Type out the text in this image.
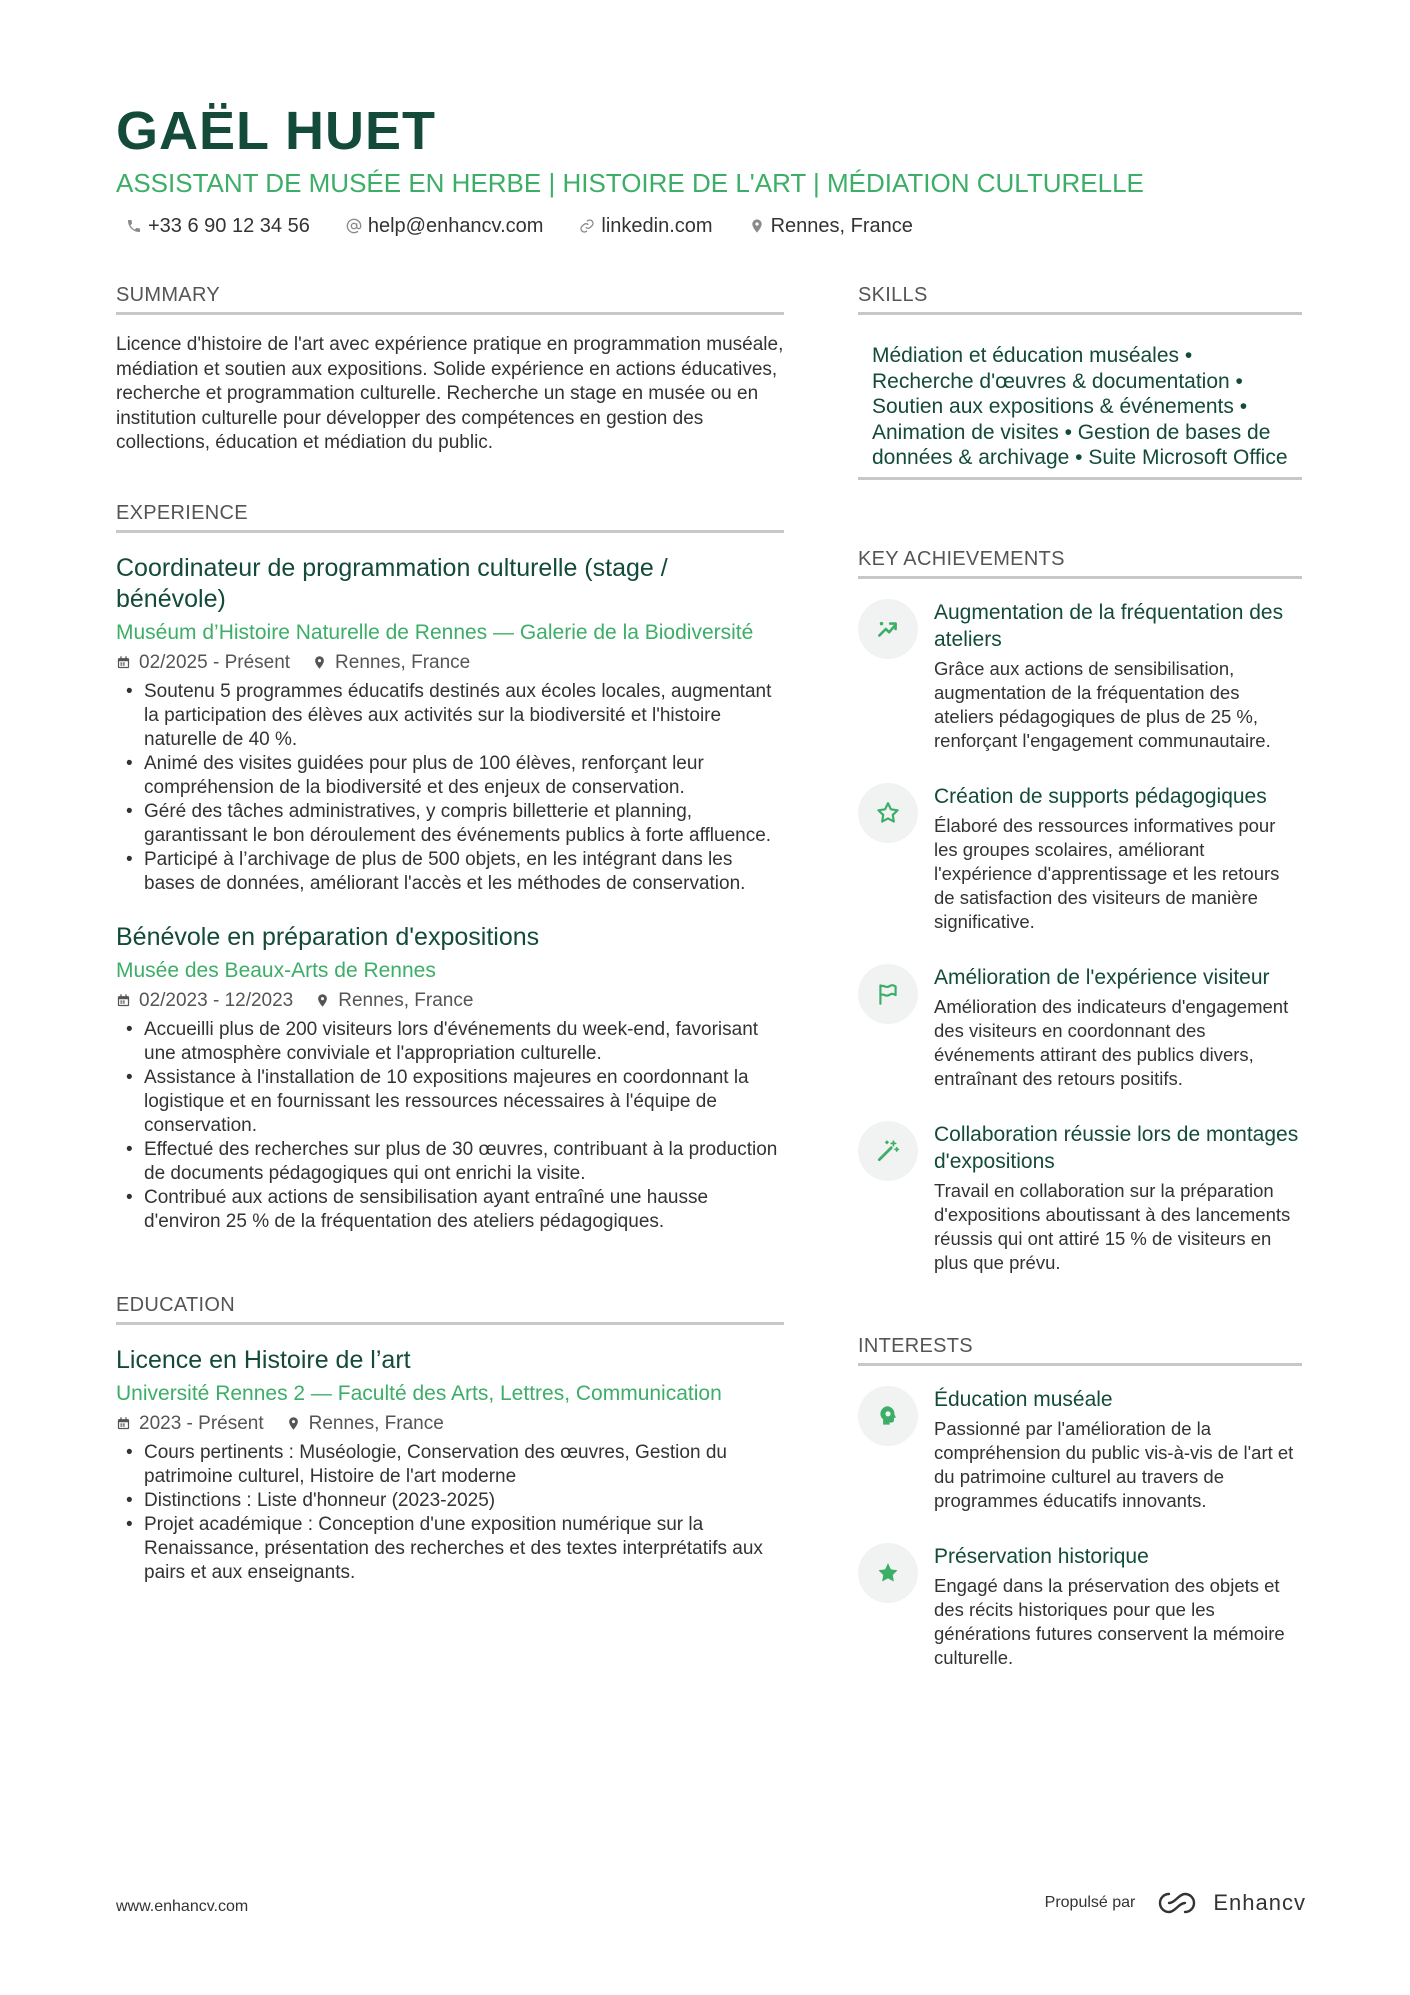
GAËL HUET
ASSISTANT DE MUSÉE EN HERBE | HISTOIRE DE L'ART | MÉDIATION CULTURELLE
+33 6 90 12 34 56	help@enhancv.com	linkedin.com	Rennes, France
SUMMARY
Licence d'histoire de l'art avec expérience pratique en programmation muséale, médiation et soutien aux expositions. Solide expérience en actions éducatives, recherche et programmation culturelle. Recherche un stage en musée ou en institution culturelle pour développer des compétences en gestion des collections, éducation et médiation du public.
EXPERIENCE
Coordinateur de programmation culturelle (stage / bénévole)
Muséum d’Histoire Naturelle de Rennes — Galerie de la Biodiversité
02/2025 - Présent Rennes, France
• Soutenu 5 programmes éducatifs destinés aux écoles locales, augmentant la participation des élèves aux activités sur la biodiversité et l'histoire naturelle de 40 %.
• Animé des visites guidées pour plus de 100 élèves, renforçant leur compréhension de la biodiversité et des enjeux de conservation.
• Géré des tâches administratives, y compris billetterie et planning, garantissant le bon déroulement des événements publics à forte affluence.
• Participé à l’archivage de plus de 500 objets, en les intégrant dans les bases de données, améliorant l'accès et les méthodes de conservation.
Bénévole en préparation d'expositions
Musée des Beaux-Arts de Rennes
02/2023 - 12/2023 Rennes, France
• Accueilli plus de 200 visiteurs lors d'événements du week-end, favorisant une atmosphère conviviale et l'appropriation culturelle.
• Assistance à l'installation de 10 expositions majeures en coordonnant la logistique et en fournissant les ressources nécessaires à l'équipe de conservation.
• Effectué des recherches sur plus de 30 œuvres, contribuant à la production de documents pédagogiques qui ont enrichi la visite.
• Contribué aux actions de sensibilisation ayant entraîné une hausse d'environ 25 % de la fréquentation des ateliers pédagogiques.
EDUCATION
Licence en Histoire de l’art
Université Rennes 2 — Faculté des Arts, Lettres, Communication
2023 - Présent Rennes, France
• Cours pertinents : Muséologie, Conservation des œuvres, Gestion du patrimoine culturel, Histoire de l'art moderne
• Distinctions : Liste d'honneur (2023-2025)
• Projet académique : Conception d'une exposition numérique sur la Renaissance, présentation des recherches et des textes interprétatifs aux pairs et aux enseignants.
SKILLS
Médiation et éducation muséales • Recherche d'œuvres & documentation • Soutien aux expositions & événements • Animation de visites • Gestion de bases de données & archivage • Suite Microsoft Office
KEY ACHIEVEMENTS
Augmentation de la fréquentation des ateliers
Grâce aux actions de sensibilisation, augmentation de la fréquentation des ateliers pédagogiques de plus de 25 %, renforçant l'engagement communautaire.
Création de supports pédagogiques
Élaboré des ressources informatives pour les groupes scolaires, améliorant l'expérience d'apprentissage et les retours de satisfaction des visiteurs de manière significative.
Amélioration de l'expérience visiteur
Amélioration des indicateurs d'engagement des visiteurs en coordonnant des événements attirant des publics divers, entraînant des retours positifs.
Collaboration réussie lors de montages d'expositions
Travail en collaboration sur la préparation d'expositions aboutissant à des lancements réussis qui ont attiré 15 % de visiteurs en plus que prévu.
INTERESTS
Éducation muséale
Passionné par l'amélioration de la compréhension du public vis-à-vis de l'art et du patrimoine culturel au travers de programmes éducatifs innovants.
Préservation historique
Engagé dans la préservation des objets et des récits historiques pour que les générations futures conservent la mémoire culturelle.
www.enhancv.com	Propulsé par	Enhancv
